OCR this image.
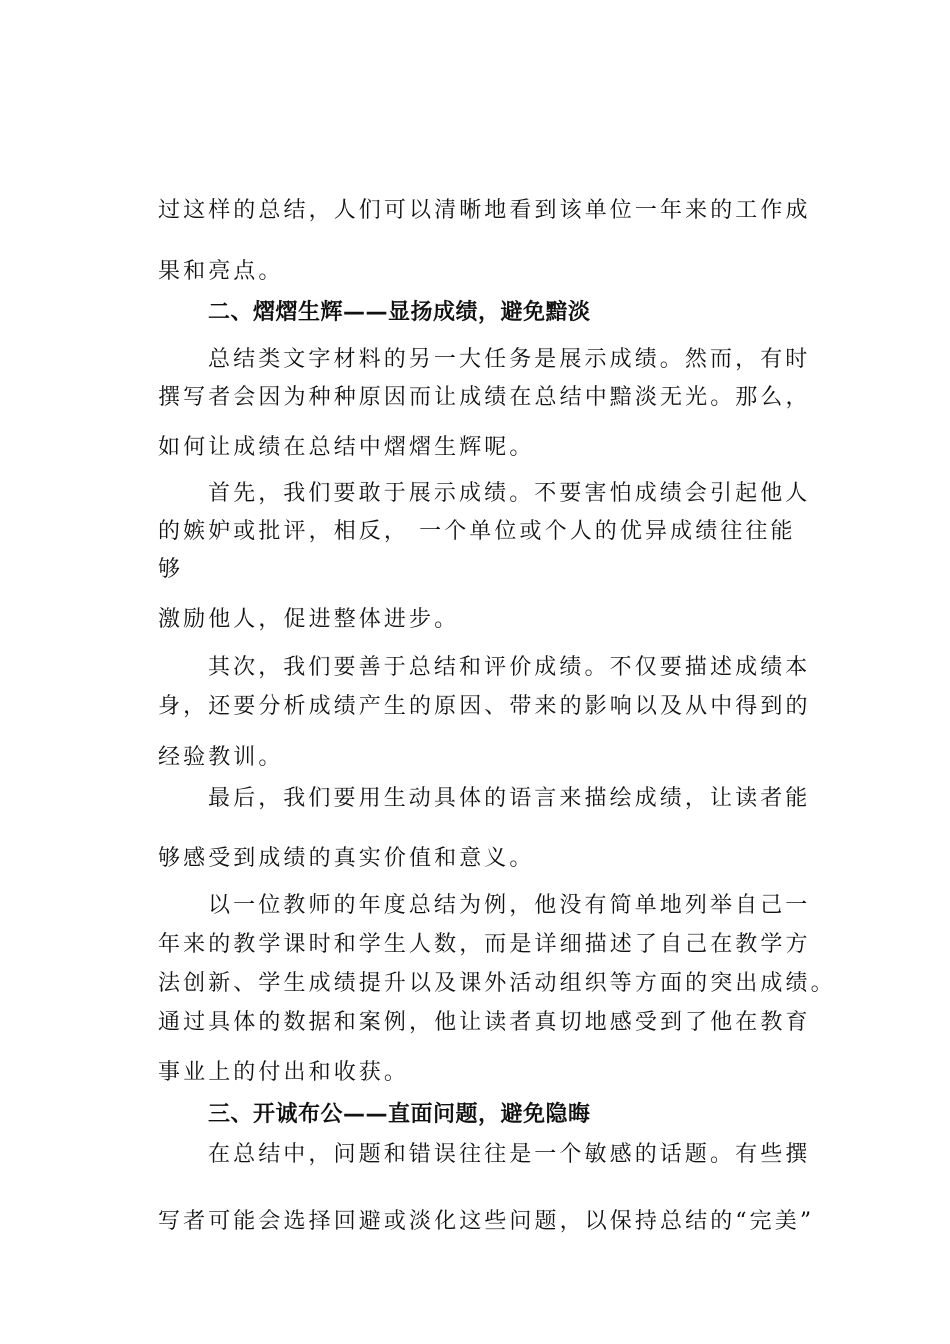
过这样的总结，人们可以清晰地看到该单位一年来的工作成
果和亮点。
二、熠熠生辉——显扬成绩，避免黯淡
总结类文字材料的另一大任务是展示成绩。然而，有时
撰写者会因为种种原因而让成绩在总结中黯淡无光。那么，
如何让成绩在总结中熠熠生辉呢。
首先，我们要敢于展示成绩。不要害怕成绩会引起他人
的嫉妒或批评，相反， 一个单位或个人的优异成绩往往能
够
激励他人，促进整体进步。
其次，我们要善于总结和评价成绩。不仅要描述成绩本
身，还要分析成绩产生的原因、带来的影响以及从中得到的
经验教训。
最后，我们要用生动具体的语言来描绘成绩，让读者能
够感受到成绩的真实价值和意义。
以一位教师的年度总结为例，他没有简单地列举自己一
年来的教学课时和学生人数，而是详细描述了自己在教学方
法创新、学生成绩提升以及课外活动组织等方面的突出成绩。
通过具体的数据和案例，他让读者真切地感受到了他在教育
事业上的付出和收获。
三、开诚布公——直面问题，避免隐晦
在总结中，问题和错误往往是一个敏感的话题。有些撰
写者可能会选择回避或淡化这些问题，以保持总结的“完美”
